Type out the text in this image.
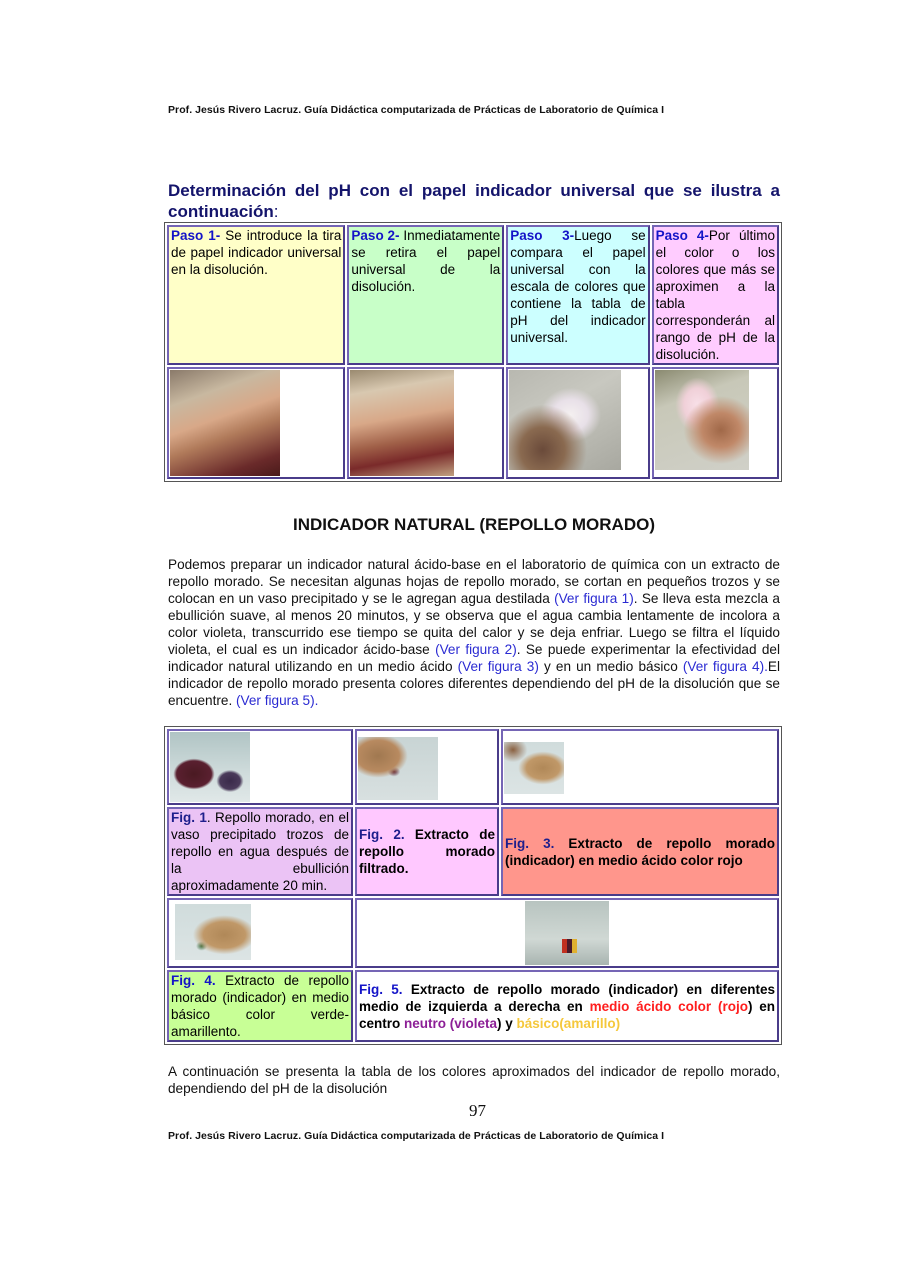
Prof. Jesús Rivero Lacruz. Guía Didáctica computarizada de Prácticas de Laboratorio de Química I
Determinación del pH con el papel indicador universal que se ilustra a continuación:
Paso 1- Se introduce la tira de papel indicador universal en la disolución.	Paso 2- Inmediatamente se retira el papel universal de la disolución.	Paso 3-Luego se compara el papel universal con la escala de colores que contiene la tabla de pH del indicador universal.	Paso 4-Por último el color o los colores que más se aproximen a la tabla corresponderán al rango de pH de la disolución.

INDICADOR NATURAL (REPOLLO MORADO)
Podemos preparar un indicador natural ácido-base en el laboratorio de química con un extracto de repollo morado. Se necesitan algunas hojas de repollo morado, se cortan en pequeños trozos y se colocan en un vaso precipitado y se le agregan agua destilada (Ver figura 1). Se lleva esta mezcla a ebullición suave, al menos 20 minutos, y se observa que el agua cambia lentamente de incolora a color violeta, transcurrido ese tiempo se quita del calor y se deja enfriar. Luego se filtra el líquido violeta, el cual es un indicador ácido-base (Ver figura 2). Se puede experimentar la efectividad del indicador natural utilizando en un medio ácido (Ver figura 3) y en un medio básico (Ver figura 4).El indicador de repollo morado presenta colores diferentes dependiendo del pH de la disolución que se encuentre. (Ver figura 5).

Fig. 1. Repollo morado, en el vaso precipitado trozos de repollo en agua después de la ebullición aproximadamente 20 min.	Fig. 2. Extracto de repollo morado filtrado.	Fig. 3. Extracto de repollo morado (indicador) en medio ácido color rojo

Fig. 4. Extracto de repollo morado (indicador) en medio básico color verde-amarillento.	Fig. 5. Extracto de repollo morado (indicador) en diferentes medio de izquierda a derecha en medio ácido color (rojo) en centro neutro (violeta) y básico(amarillo)	
A continuación se presenta la tabla de los colores aproximados del indicador de repollo morado, dependiendo del pH de la disolución
97
Prof. Jesús Rivero Lacruz. Guía Didáctica computarizada de Prácticas de Laboratorio de Química I
